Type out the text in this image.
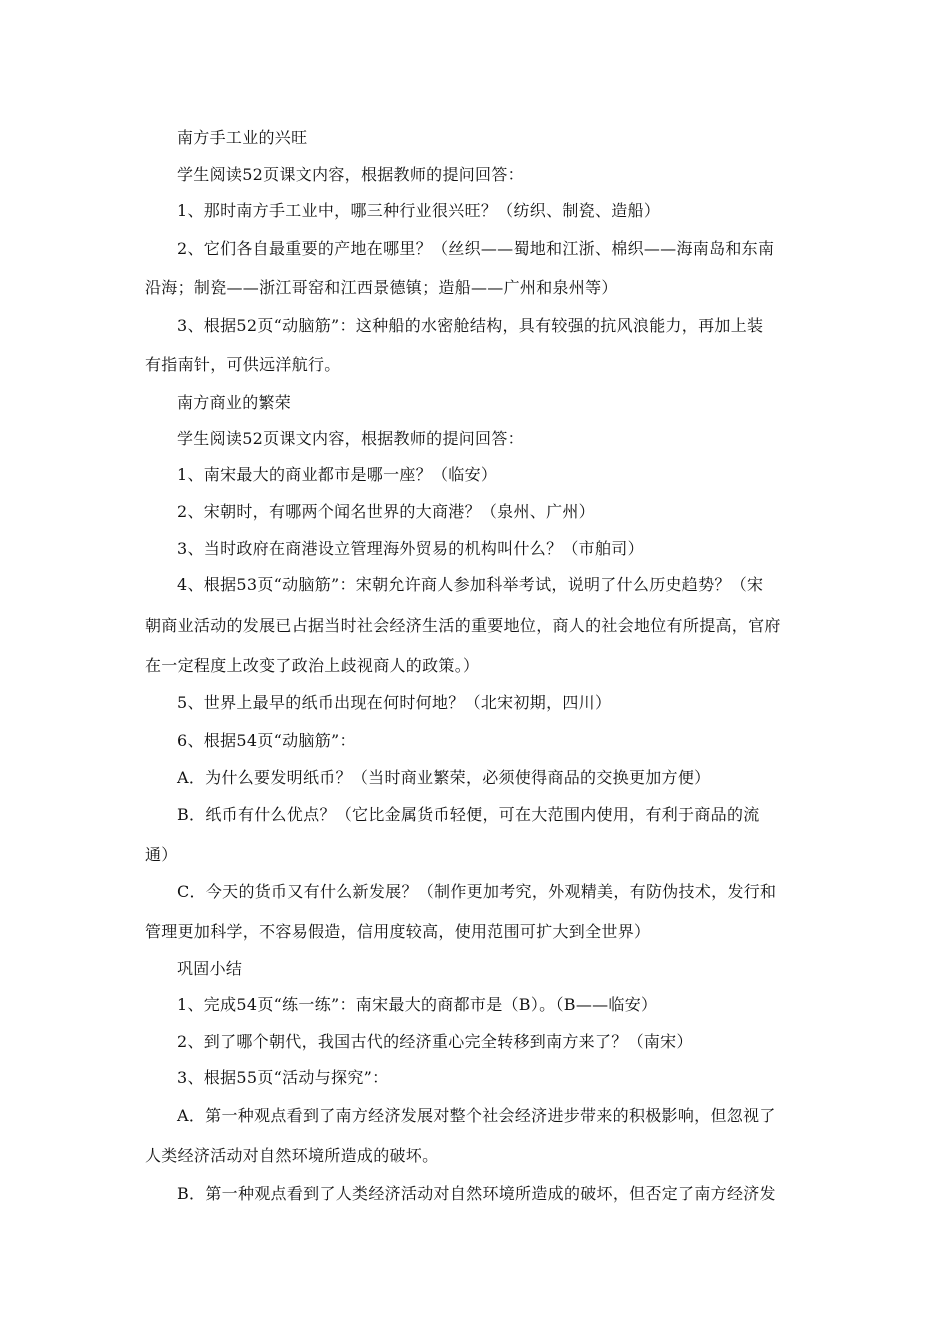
南方手工业的兴旺
学生阅读52页课文内容，根据教师的提问回答：
1、那时南方手工业中，哪三种行业很兴旺？（纺织、制瓷、造船）
2、它们各自最重要的产地在哪里？（丝织——蜀地和江浙、棉织——海南岛和东南
沿海；制瓷——浙江哥窑和江西景德镇；造船——广州和泉州等）
3、根据52页“动脑筋”：这种船的水密舱结构，具有较强的抗风浪能力，再加上装
有指南针，可供远洋航行。
南方商业的繁荣
学生阅读52页课文内容，根据教师的提问回答：
1、南宋最大的商业都市是哪一座？（临安）
2、宋朝时，有哪两个闻名世界的大商港？（泉州、广州）
3、当时政府在商港设立管理海外贸易的机构叫什么？（市舶司）
4、根据53页“动脑筋”：宋朝允许商人参加科举考试，说明了什么历史趋势？（宋
朝商业活动的发展已占据当时社会经济生活的重要地位，商人的社会地位有所提高，官府
在一定程度上改变了政治上歧视商人的政策。）
5、世界上最早的纸币出现在何时何地？（北宋初期，四川）
6、根据54页“动脑筋”：
A．为什么要发明纸币？（当时商业繁荣，必须使得商品的交换更加方便）
B．纸币有什么优点？（它比金属货币轻便，可在大范围内使用，有利于商品的流
通）
C．今天的货币又有什么新发展？（制作更加考究，外观精美，有防伪技术，发行和
管理更加科学，不容易假造，信用度较高，使用范围可扩大到全世界）
巩固小结
1、完成54页“练一练”：南宋最大的商都市是（B）。（B——临安）
2、到了哪个朝代，我国古代的经济重心完全转移到南方来了？（南宋）
3、根据55页“活动与探究”：
A．第一种观点看到了南方经济发展对整个社会经济进步带来的积极影响，但忽视了
人类经济活动对自然环境所造成的破坏。
B．第一种观点看到了人类经济活动对自然环境所造成的破坏，但否定了南方经济发
